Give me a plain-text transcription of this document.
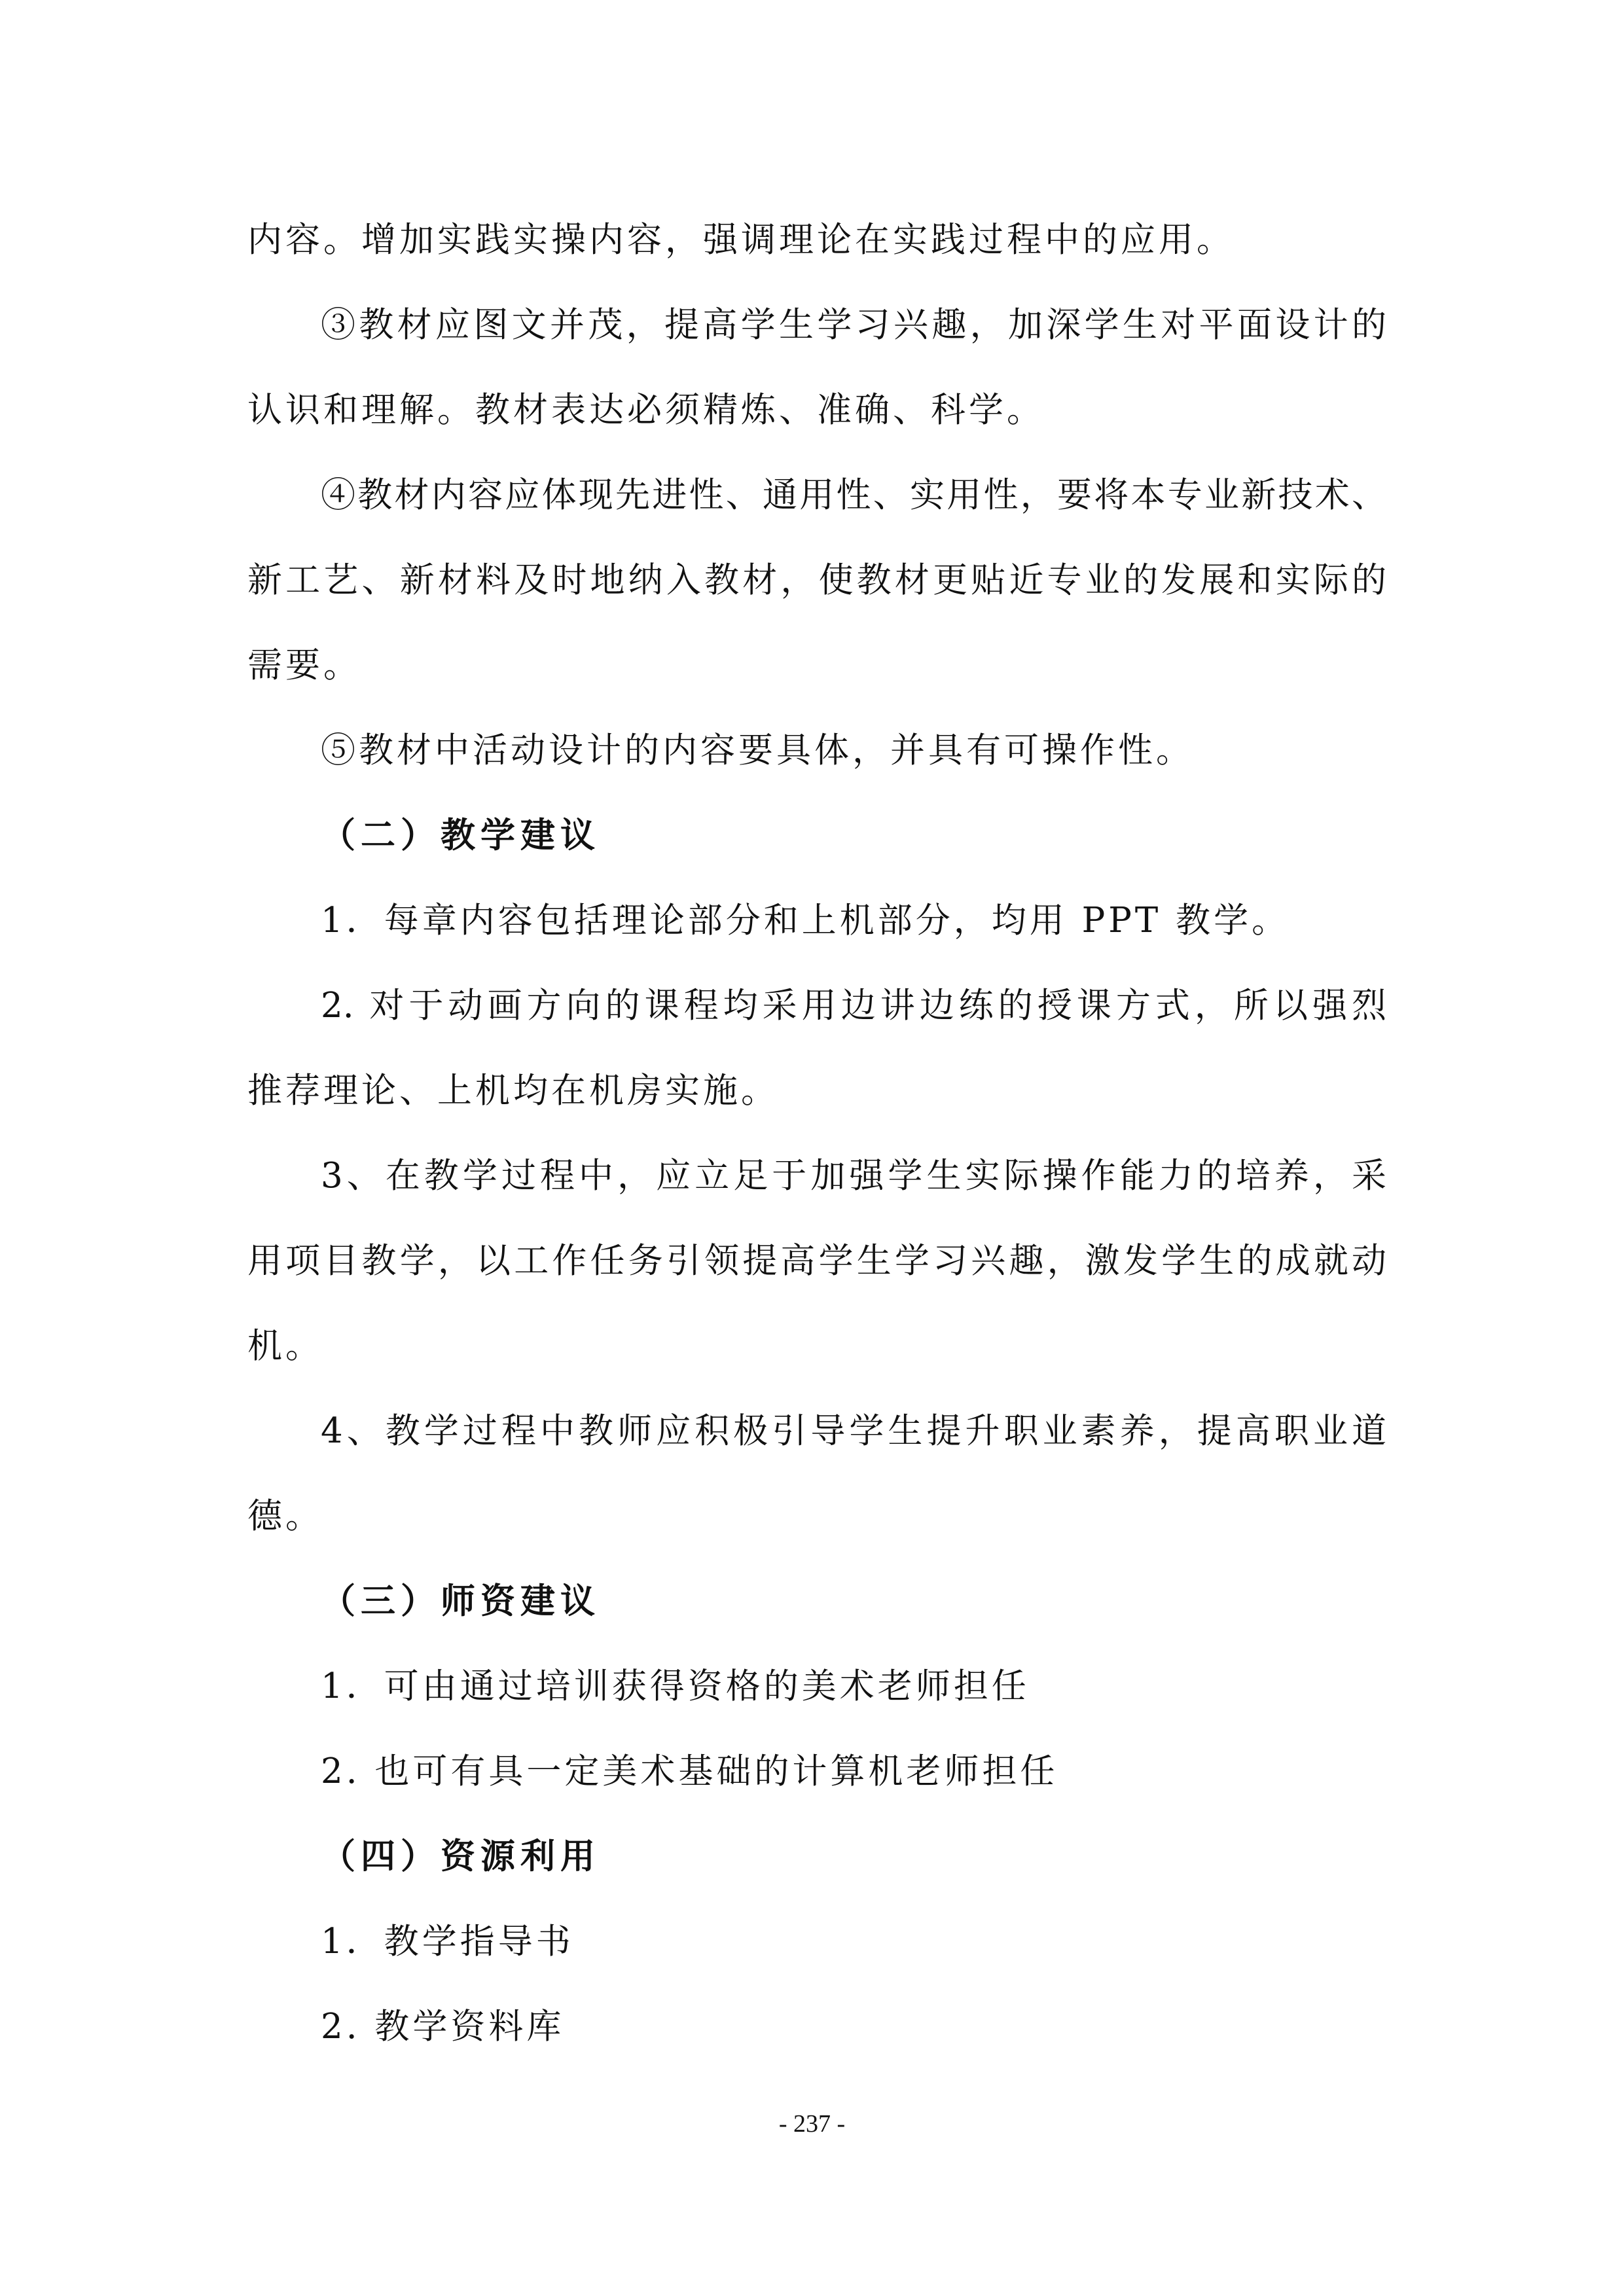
内容。增加实践实操内容，强调理论在实践过程中的应用。
③教材应图文并茂，提高学生学习兴趣，加深学生对平面设计的
认识和理解。教材表达必须精炼、准确、科学。
④教材内容应体现先进性、通用性、实用性，要将本专业新技术、
新工艺、新材料及时地纳入教材，使教材更贴近专业的发展和实际的
需要。
⑤教材中活动设计的内容要具体，并具有可操作性。
（二）教学建议
1．每章内容包括理论部分和上机部分，均用 PPT 教学。
2. 对于动画方向的课程均采用边讲边练的授课方式，所以强烈
推荐理论、上机均在机房实施。
3、在教学过程中，应立足于加强学生实际操作能力的培养，采
用项目教学，以工作任务引领提高学生学习兴趣，激发学生的成就动
机。
4、教学过程中教师应积极引导学生提升职业素养，提高职业道
德。
（三）师资建议
1．可由通过培训获得资格的美术老师担任
2. 也可有具一定美术基础的计算机老师担任
（四）资源利用
1．教学指导书
2. 教学资料库
- 237 -
